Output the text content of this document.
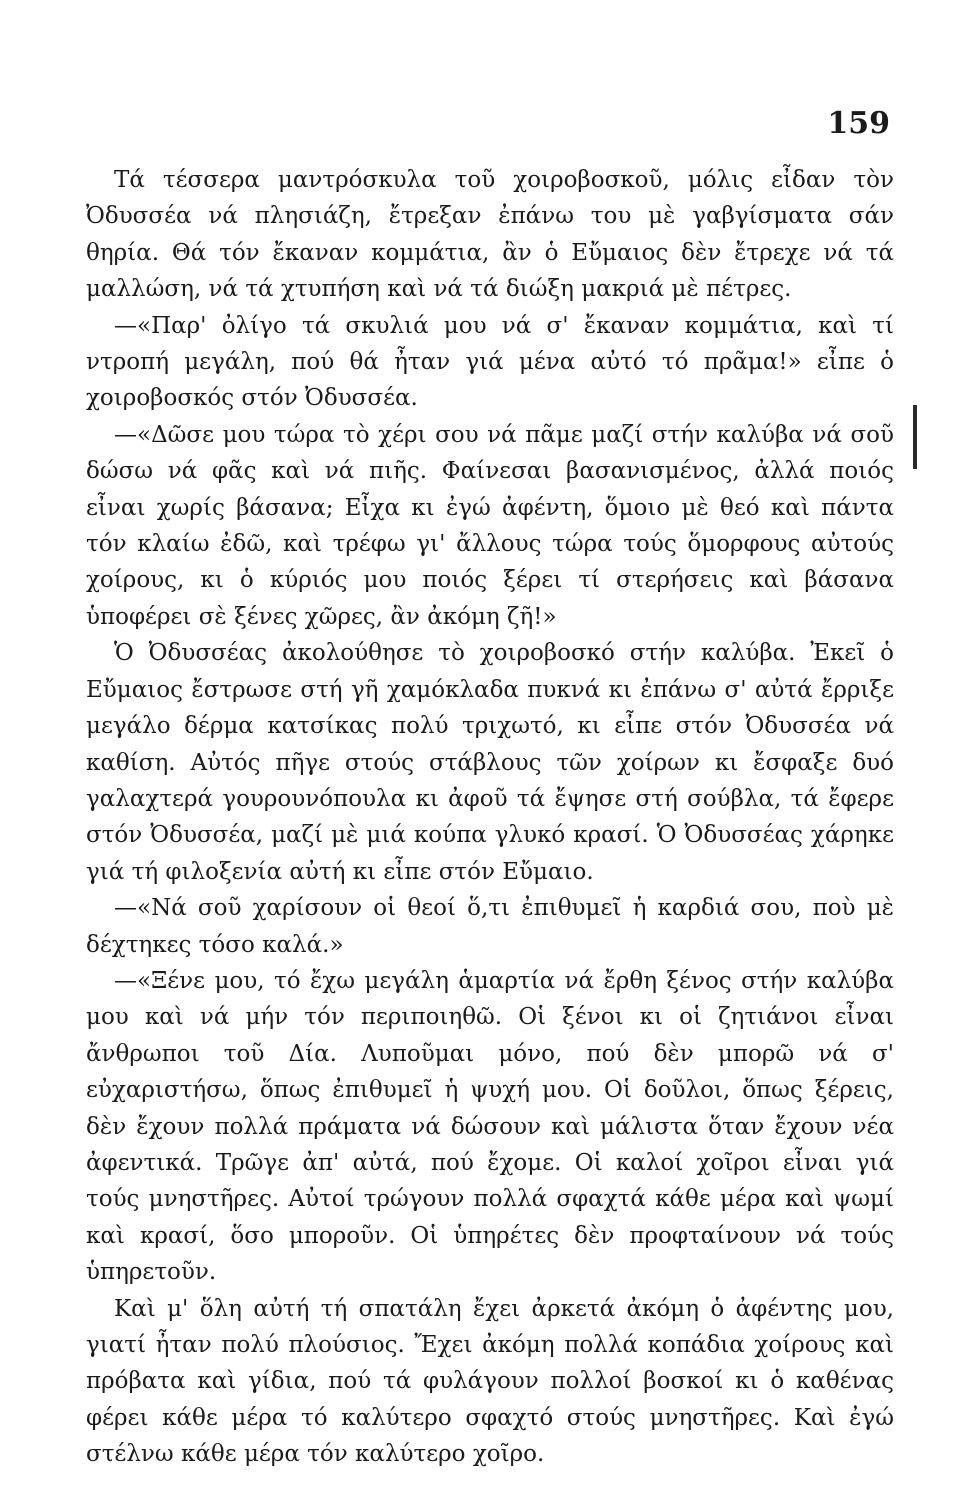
159

Τά τέσσερα μαντρόσκυλα τοῦ χοιροβοσκοῦ, μόλις εἶδαν τὸν Ὀδυσσέα νά πλησιάζη, ἔτρεξαν ἐπάνω του μὲ γαβγίσματα σάν θηρία. Θά τόν ἔκαναν κομμάτια, ἂν ὁ Εὔμαιος δὲν ἔτρεχε νά τά μαλλώση, νά τά χτυπήση καὶ νά τά διώξη μακριά μὲ πέτρες.

—«Παρ' ὀλίγο τά σκυλιά μου νά σ' ἔκαναν κομμάτια, καὶ τί ντροπή μεγάλη, πού θά ἦταν γιά μένα αὐτό τό πρᾶμα!» εἶπε ὁ χοιροβοσκός στόν Ὀδυσσέα.

—«Δῶσε μου τώρα τὸ χέρι σου νά πᾶμε μαζί στήν καλύβα νά σοῦ δώσω νά φᾶς καὶ νά πιῆς. Φαίνεσαι βασανισμένος, ἀλλά ποιός εἶναι χωρίς βάσανα; Εἶχα κι ἐγώ ἀφέντη, ὅμοιο μὲ θεό καὶ πάντα τόν κλαίω ἐδῶ, καὶ τρέφω γι' ἄλλους τώρα τούς ὅμορφους αὐτούς χοίρους, κι ὁ κύριός μου ποιός ξέρει τί στερήσεις καὶ βάσανα ὑποφέρει σὲ ξένες χῶρες, ἂν ἀκόμη ζῆ!»

Ὁ Ὀδυσσέας ἀκολούθησε τὸ χοιροβοσκό στήν καλύβα. Ἐκεῖ ὁ Εὔμαιος ἔστρωσε στή γῆ χαμόκλαδα πυκνά κι ἐπάνω σ' αὐτά ἔρριξε μεγάλο δέρμα κατσίκας πολύ τριχωτό, κι εἶπε στόν Ὀδυσσέα νά καθίση. Αὐτός πῆγε στούς στάβλους τῶν χοίρων κι ἔσφαξε δυό γαλαχτερά γουρουνόπουλα κι ἀφοῦ τά ἔψησε στή σούβλα, τά ἔφερε στόν Ὀδυσσέα, μαζί μὲ μιά κούπα γλυκό κρασί. Ὁ Ὀδυσσέας χάρηκε γιά τή φιλοξενία αὐτή κι εἶπε στόν Εὔμαιο.

—«Νά σοῦ χαρίσουν οἱ θεοί ὅ,τι ἐπιθυμεῖ ἡ καρδιά σου, ποὺ μὲ δέχτηκες τόσο καλά.»

—«Ξένε μου, τό ἔχω μεγάλη ἁμαρτία νά ἔρθη ξένος στήν καλύβα μου καὶ νά μήν τόν περιποιηθῶ. Οἱ ξένοι κι οἱ ζητιάνοι εἶναι ἄνθρωποι τοῦ Δία. Λυποῦμαι μόνο, πού δὲν μπορῶ νά σ' εὐχαριστήσω, ὅπως ἐπιθυμεῖ ἡ ψυχή μου. Οἱ δοῦλοι, ὅπως ξέρεις, δὲν ἔχουν πολλά πράματα νά δώσουν καὶ μάλιστα ὅταν ἔχουν νέα ἀφεντικά. Τρῶγε ἀπ' αὐτά, πού ἔχομε. Οἱ καλοί χοῖροι εἶναι γιά τούς μνηστῆρες. Αὐτοί τρώγουν πολλά σφαχτά κάθε μέρα καὶ ψωμί καὶ κρασί, ὅσο μποροῦν. Οἱ ὑπηρέτες δὲν προφταίνουν νά τούς ὑπηρετοῦν.

Καὶ μ' ὅλη αὐτή τή σπατάλη ἔχει ἀρκετά ἀκόμη ὁ ἀφέντης μου, γιατί ἦταν πολύ πλούσιος. Ἔχει ἀκόμη πολλά κοπάδια χοίρους καὶ πρόβατα καὶ γίδια, πού τά φυλάγουν πολλοί βοσκοί κι ὁ καθένας φέρει κάθε μέρα τό καλύτερο σφαχτό στούς μνηστῆρες. Καὶ ἐγώ στέλνω κάθε μέρα τόν καλύτερο χοῖρο.
